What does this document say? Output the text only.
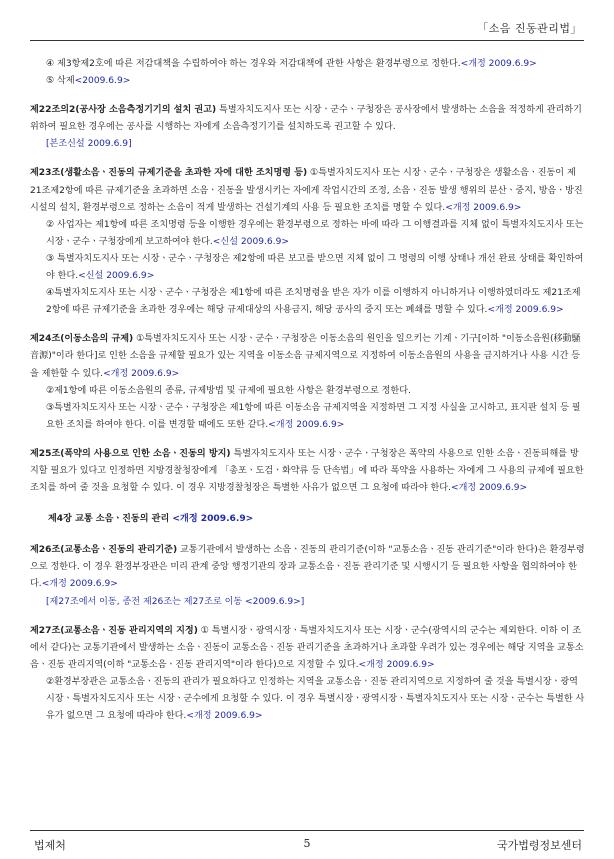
「소음 진동관리법」

④ 제3항제2호에 따른 저감대책을 수립하여야 하는 경우와 저감대책에 관한 사항은 환경부령으로 정한다.<개정 2009.6.9>

⑤ 삭제<2009.6.9>

제22조의2(공사장 소음측정기기의 설치 권고) 특별자치도지사 또는 시장ㆍ군수ㆍ구청장은 공사장에서 발생하는 소음을 적정하게 관리하기 위하여 필요한 경우에는 공사를 시행하는 자에게 소음측정기기를 설치하도록 권고할 수 있다.

[본조신설 2009.6.9]

제23조(생활소음ㆍ진동의 규제기준을 초과한 자에 대한 조치명령 등) ①특별자치도지사 또는 시장ㆍ군수ㆍ구청장은 생활소음ㆍ진동이 제21조제2항에 따른 규제기준을 초과하면 소음ㆍ진동을 발생시키는 자에게 작업시간의 조정, 소음ㆍ진동 발생 행위의 분산ㆍ중지, 방음ㆍ방진시설의 설치, 환경부령으로 정하는 소음이 적게 발생하는 건설기계의 사용 등 필요한 조치를 명할 수 있다.<개정 2009.6.9>

② 사업자는 제1항에 따른 조치명령 등을 이행한 경우에는 환경부령으로 정하는 바에 따라 그 이행결과를 지체 없이 특별자치도지사 또는 시장ㆍ군수ㆍ구청장에게 보고하여야 한다.<신설 2009.6.9>

③ 특별자치도지사 또는 시장ㆍ군수ㆍ구청장은 제2항에 따른 보고를 받으면 지체 없이 그 명령의 이행 상태나 개선 완료 상태를 확인하여야 한다.<신설 2009.6.9>

④특별자치도지사 또는 시장ㆍ군수ㆍ구청장은 제1항에 따른 조치명령을 받은 자가 이를 이행하지 아니하거나 이행하였더라도 제21조제2항에 따른 규제기준을 초과한 경우에는 해당 규제대상의 사용금지, 해당 공사의 중지 또는 폐쇄를 명할 수 있다.<개정 2009.6.9>

제24조(이동소음의 규제) ①특별자치도지사 또는 시장ㆍ군수ㆍ구청장은 이동소음의 원인을 일으키는 기계ㆍ기구[이하 "이동소음원(移動騷音源)"이라 한다]로 인한 소음을 규제할 필요가 있는 지역을 이동소음 규제지역으로 지정하여 이동소음원의 사용을 금지하거나 사용 시간 등을 제한할 수 있다.<개정 2009.6.9>

②제1항에 따른 이동소음원의 종류, 규제방법 및 규제에 필요한 사항은 환경부령으로 정한다.

③특별자치도지사 또는 시장ㆍ군수ㆍ구청장은 제1항에 따른 이동소음 규제지역을 지정하면 그 지정 사실을 고시하고, 표지판 설치 등 필요한 조치를 하여야 한다. 이를 변경할 때에도 또한 같다.<개정 2009.6.9>

제25조(폭약의 사용으로 인한 소음ㆍ진동의 방지) 특별자치도지사 또는 시장ㆍ군수ㆍ구청장은 폭약의 사용으로 인한 소음ㆍ진동피해를 방지할 필요가 있다고 인정하면 지방경찰청장에게 「총포ㆍ도검ㆍ화약류 등 단속법」에 따라 폭약을 사용하는 자에게 그 사용의 규제에 필요한 조치를 하여 줄 것을 요청할 수 있다. 이 경우 지방경찰청장은 특별한 사유가 없으면 그 요청에 따라야 한다.<개정 2009.6.9>

제4장 교통 소음ㆍ진동의 관리 <개정 2009.6.9>

제26조(교통소음ㆍ진동의 관리기준) 교통기관에서 발생하는 소음ㆍ진동의 관리기준(이하 "교통소음ㆍ진동 관리기준"이라 한다)은 환경부령으로 정한다. 이 경우 환경부장관은 미리 관계 중앙 행정기관의 장과 교통소음ㆍ진동 관리기준 및 시행시기 등 필요한 사항을 협의하여야 한다.<개정 2009.6.9>

[제27조에서 이동, 종전 제26조는 제27조로 이동 <2009.6.9>]

제27조(교통소음ㆍ진동 관리지역의 지정) ① 특별시장ㆍ광역시장ㆍ특별자치도지사 또는 시장ㆍ군수(광역시의 군수는 제외한다. 이하 이 조에서 같다)는 교통기관에서 발생하는 소음ㆍ진동이 교통소음ㆍ진동 관리기준을 초과하거나 초과할 우려가 있는 경우에는 해당 지역을 교통소음ㆍ진동 관리지역(이하 "교통소음ㆍ진동 관리지역"이라 한다)으로 지정할 수 있다.<개정 2009.6.9>

②환경부장관은 교통소음ㆍ진동의 관리가 필요하다고 인정하는 지역을 교통소음ㆍ진동 관리지역으로 지정하여 줄 것을 특별시장ㆍ광역시장ㆍ특별자치도지사 또는 시장ㆍ군수에게 요청할 수 있다. 이 경우 특별시장ㆍ광역시장ㆍ특별자치도지사 또는 시장ㆍ군수는 특별한 사유가 없으면 그 요청에 따라야 한다.<개정 2009.6.9>

법제처	5	국가법령정보센터
